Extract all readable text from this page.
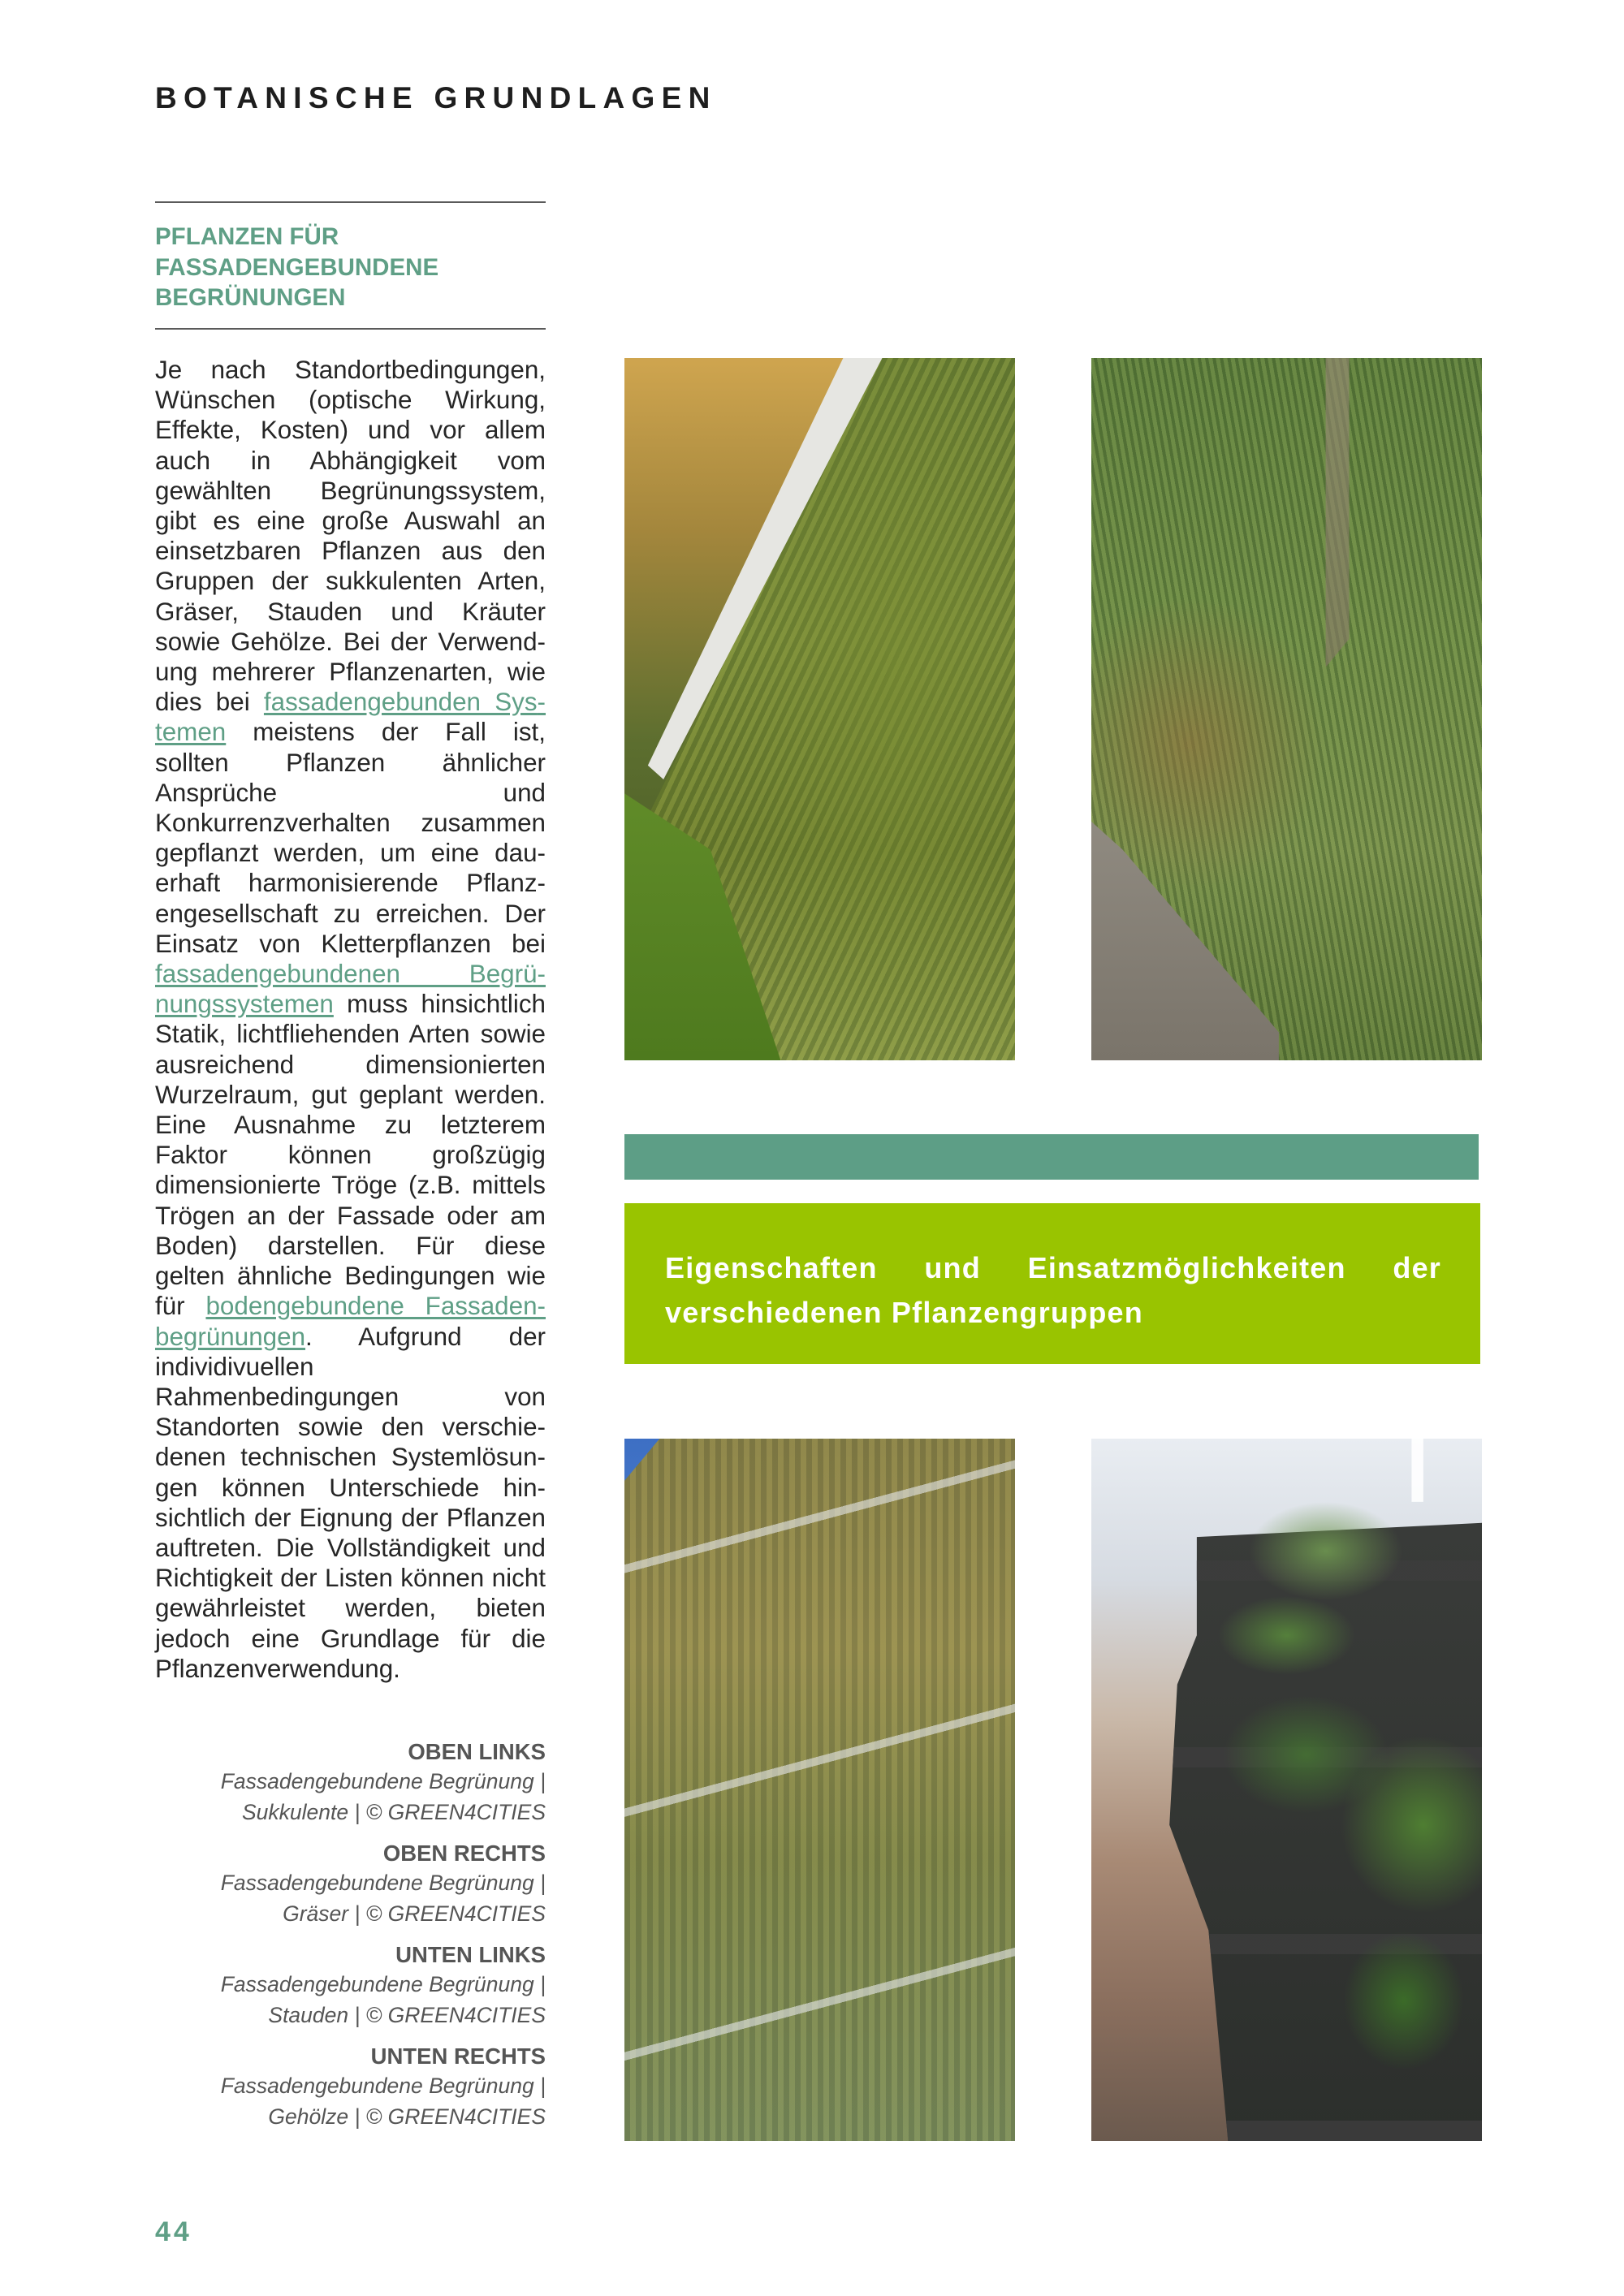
BOTANISCHE GRUNDLAGEN
PFLANZEN FÜR
FASSADENGEBUNDENE
BEGRÜNUNGEN

Je nach Standortbedingungen, Wünschen (optische Wirkung, Effekte, Kosten) und vor allem auch in Abhängigkeit vom gewählten Begrünungssystem, gibt es eine große Auswahl an einsetzbaren Pflanzen aus den Gruppen der sukkulenten Arten, Gräser, Stauden und Kräuter sowie Gehölze. Bei der Verwendung mehrerer Pflanzenarten, wie dies bei fassadengebunden Systemen meistens der Fall ist, sollten Pflanzen ähnlicher Ansprüche und Konkurrenzverhalten zusammen gepflanzt werden, um eine dauerhaft harmonisierende Pflanzengesellschaft zu erreichen. Der Einsatz von Kletterpflanzen bei fassadengebundenen Begrünungssystemen muss hinsichtlich Statik, lichtfliehenden Arten sowie ausreichend dimensionierten Wurzelraum, gut geplant werden. Eine Ausnahme zu letzterem Faktor können großzügig dimensionierte Tröge (z.B. mittels Trögen an der Fassade oder am Boden) darstellen. Für diese gelten ähnliche Bedingungen wie für bodengebundene Fassadenbegrünungen. Aufgrund der individivuellen Rahmenbedingungen von Standorten sowie den verschiedenen technischen Systemlösungen können Unterschiede hinsichtlich der Eignung der Pflanzen auftreten. Die Vollständigkeit und Richtigkeit der Listen können nicht gewährleistet werden, bieten jedoch eine Grundlage für die Pflanzenverwendung.

OBEN LINKS
Fassadengebundene Begrünung |
Sukkulente | © GREEN4CITIES
OBEN RECHTS
Fassadengebundene Begrünung |
Gräser | © GREEN4CITIES
UNTEN LINKS
Fassadengebundene Begrünung |
Stauden | © GREEN4CITIES
UNTEN RECHTS
Fassadengebundene Begrünung |
Gehölze | © GREEN4CITIES
44

Eigenschaften und Einsatzmöglichkeiten der verschiedenen Pflanzengruppen
